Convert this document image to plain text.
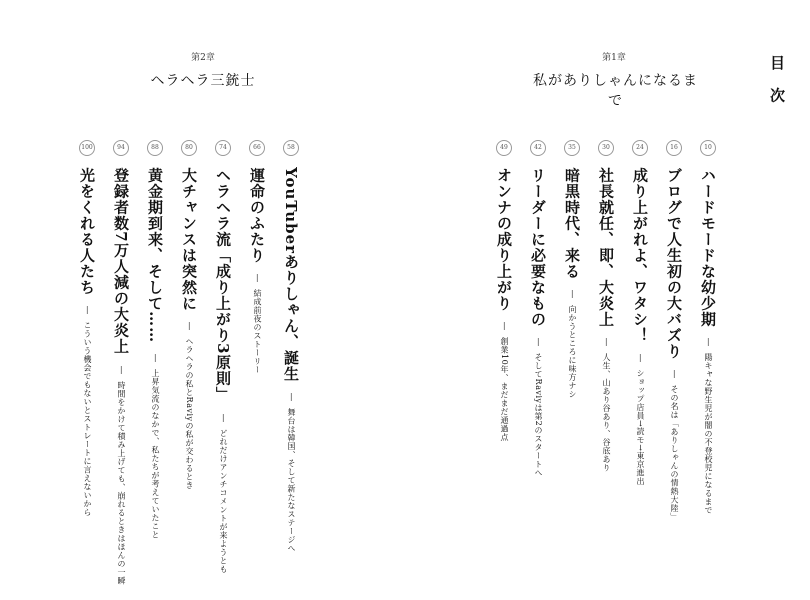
目 次
第1章
私がありしゃんになるまで
第2章
ヘラヘラ三銃士
10 ハードモードな幼少期 ― 陽キャな野生児が闇の不登校児になるまで
16 ブログで人生初の大バズり ― その名は「ありしゃんの情熱大陸」
24 成り上がれよ、ワタシ！ ― ショップ店員→読モ→東京進出
30 社長就任、即、大炎上 ― 人生、山あり谷あり、谷底あり
35 暗黒時代、来る ― 向かうところに味方ナシ
42 リーダーに必要なもの ― そしてRaviyは第2のスタートへ
49 オンナの成り上がり ― 創業10年、まだまだ通過点
58 YouTuberありしゃん、誕生 ― 舞台は韓国、そして新たなステージへ
66 運命のふたり ― 結成前夜のストーリー
74 ヘラヘラ流「成り上がり3原則」 ― どれだけアンチコメントが来ようとも
80 大チャンスは突然に ― ヘラヘラの私とRaviyの私が交わるとき
88 黄金期到来、そして…… ― 上昇気流のなかで、私たちが考えていたこと
94 登録者数7万人減の大炎上 ― 時間をかけて積み上げても、崩れるときはほんの一瞬
100 光をくれる人たち ― こういう機会でもないとストレートに言えないから
